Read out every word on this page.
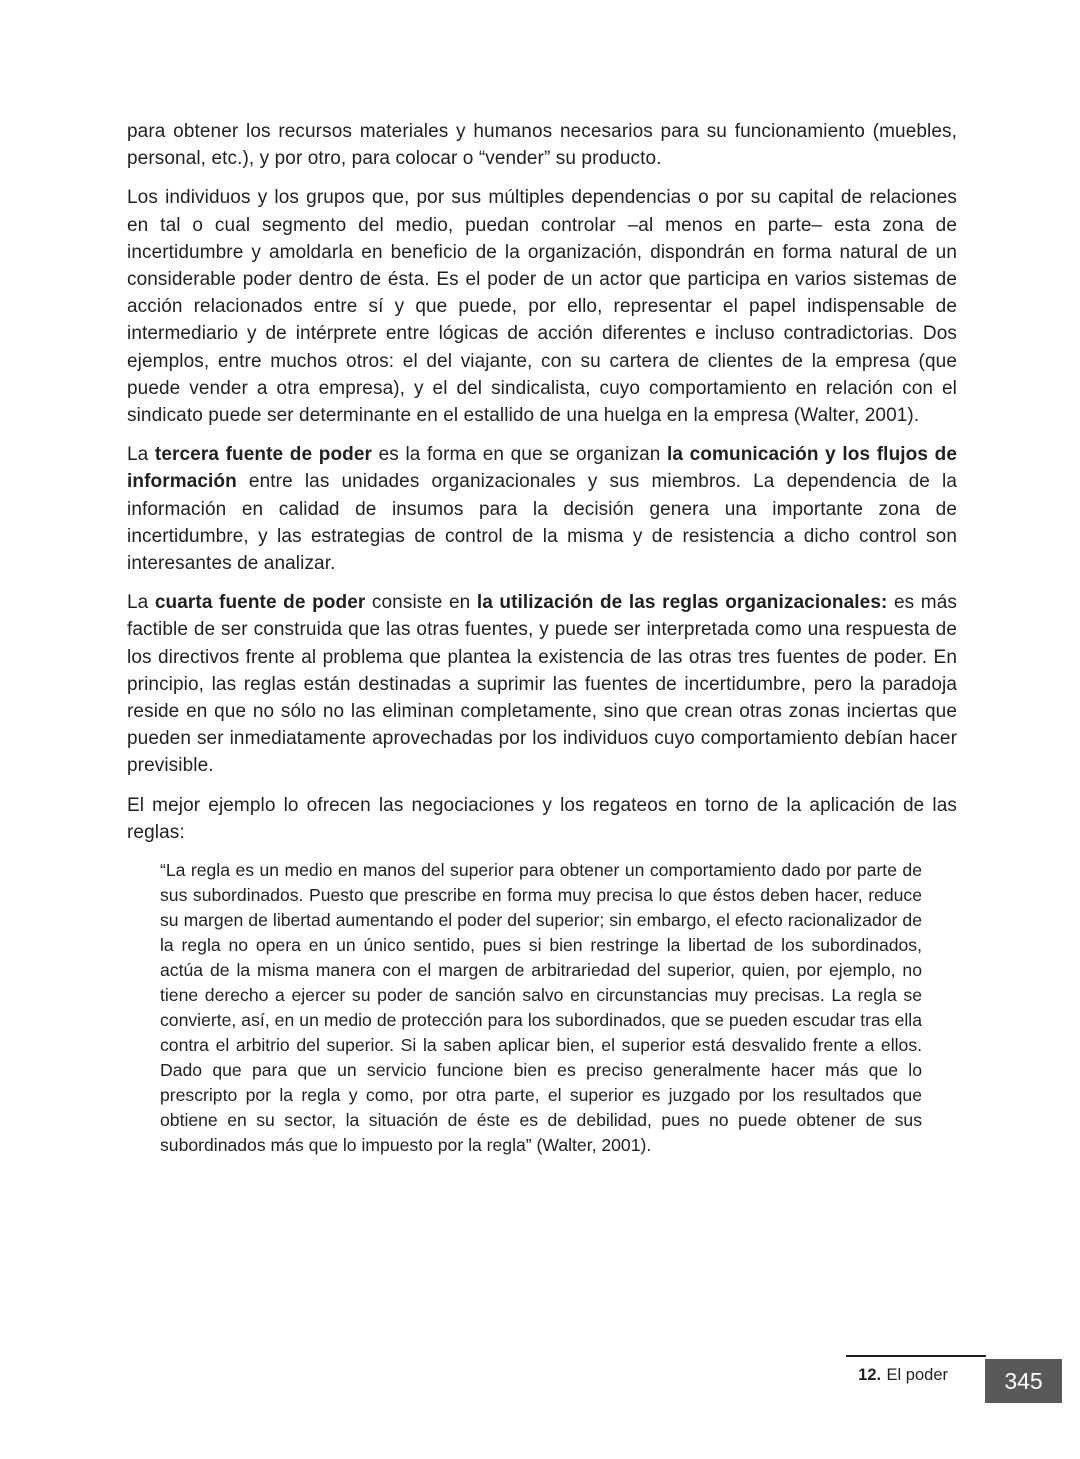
para obtener los recursos materiales y humanos necesarios para su funcionamiento (muebles, personal, etc.), y por otro, para colocar o “vender” su producto.

Los individuos y los grupos que, por sus múltiples dependencias o por su capital de relaciones en tal o cual segmento del medio, puedan controlar –al menos en parte– esta zona de incertidumbre y amoldarla en beneficio de la organización, dispondrán en forma natural de un considerable poder dentro de ésta. Es el poder de un actor que participa en varios sistemas de acción relacionados entre sí y que puede, por ello, representar el papel indispensable de intermediario y de intérprete entre lógicas de acción diferentes e incluso contradictorias. Dos ejemplos, entre muchos otros: el del viajante, con su cartera de clientes de la empresa (que puede vender a otra empresa), y el del sindicalista, cuyo comportamiento en relación con el sindicato puede ser determinante en el estallido de una huelga en la empresa (Walter, 2001).

La tercera fuente de poder es la forma en que se organizan la comunicación y los flujos de información entre las unidades organizacionales y sus miembros. La dependencia de la información en calidad de insumos para la decisión genera una importante zona de incertidumbre, y las estrategias de control de la misma y de resistencia a dicho control son interesantes de analizar.

La cuarta fuente de poder consiste en la utilización de las reglas organizacionales: es más factible de ser construida que las otras fuentes, y puede ser interpretada como una respuesta de los directivos frente al problema que plantea la existencia de las otras tres fuentes de poder. En principio, las reglas están destinadas a suprimir las fuentes de incertidumbre, pero la paradoja reside en que no sólo no las eliminan completamente, sino que crean otras zonas inciertas que pueden ser inmediatamente aprovechadas por los individuos cuyo comportamiento debían hacer previsible.

El mejor ejemplo lo ofrecen las negociaciones y los regateos en torno de la aplicación de las reglas:

“La regla es un medio en manos del superior para obtener un comportamiento dado por parte de sus subordinados. Puesto que prescribe en forma muy precisa lo que éstos deben hacer, reduce su margen de libertad aumentando el poder del superior; sin embargo, el efecto racionalizador de la regla no opera en un único sentido, pues si bien restringe la libertad de los subordinados, actúa de la misma manera con el margen de arbitrariedad del superior, quien, por ejemplo, no tiene derecho a ejercer su poder de sanción salvo en circunstancias muy precisas. La regla se convierte, así, en un medio de protección para los subordinados, que se pueden escudar tras ella contra el arbitrio del superior. Si la saben aplicar bien, el superior está desvalido frente a ellos. Dado que para que un servicio funcione bien es preciso generalmente hacer más que lo prescripto por la regla y como, por otra parte, el superior es juzgado por los resultados que obtiene en su sector, la situación de éste es de debilidad, pues no puede obtener de sus subordinados más que lo impuesto por la regla” (Walter, 2001).

12. El poder 345
